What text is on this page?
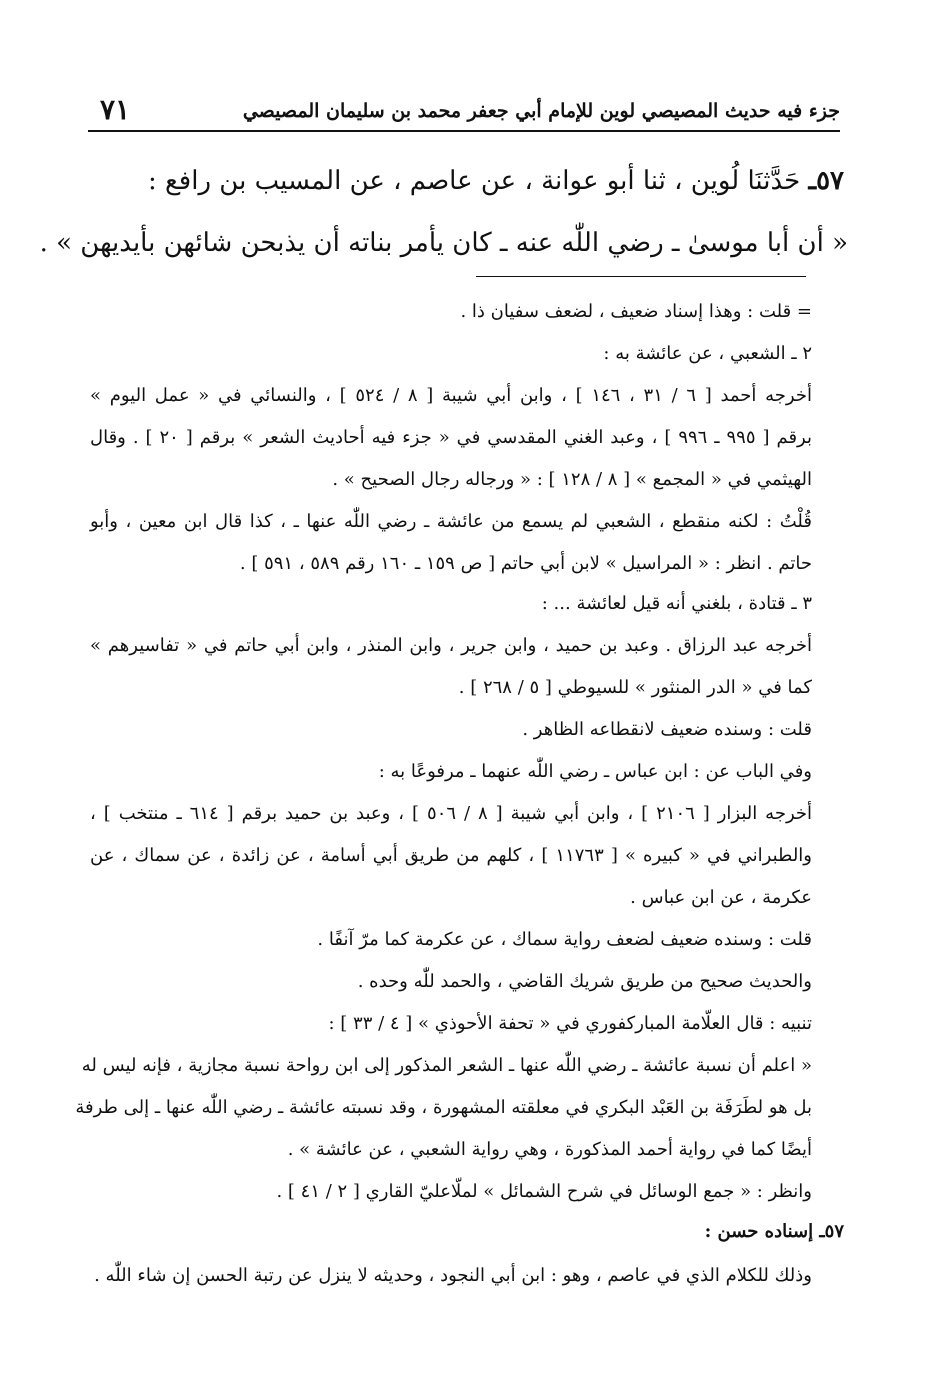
٧١	جزء فيه حديث المصيصي لوين للإمام أبي جعفر محمد بن سليمان المصيصي
٥٧ـ حَدَّثنَا لُوين ، ثنا أبو عوانة ، عن عاصم ، عن المسيب بن رافع :
« أن أبا موسىٰ ـ رضي اللّٰه عنه ـ كان يأمر بناته أن يذبحن شائهن بأيديهن » .
= قلت : وهذا إسناد ضعيف ، لضعف سفيان ذا .
٢ ـ الشعبي ، عن عائشة به :
أخرجه أحمد [ ٦ / ٣١ ، ١٤٦ ] ، وابن أبي شيبة [ ٨ / ٥٢٤ ] ، والنسائي في « عمل اليوم »
برقم [ ٩٩٥ ـ ٩٩٦ ] ، وعبد الغني المقدسي في « جزء فيه أحاديث الشعر » برقم [ ٢٠ ] . وقال
الهيثمي في « المجمع » [ ٨ / ١٢٨ ] : « ورجاله رجال الصحيح » .
قُلْتُ : لكنه منقطع ، الشعبي لم يسمع من عائشة ـ رضي اللّٰه عنها ـ ، كذا قال ابن معين ، وأبو
حاتم . انظر : « المراسيل » لابن أبي حاتم [ ص ١٥٩ ـ ١٦٠ رقم ٥٨٩ ، ٥٩١ ] .
٣ ـ قتادة ، بلغني أنه قيل لعائشة ... :
أخرجه عبد الرزاق . وعبد بن حميد ، وابن جرير ، وابن المنذر ، وابن أبي حاتم في « تفاسيرهم »
كما في « الدر المنثور » للسيوطي [ ٥ / ٢٦٨ ] .
قلت : وسنده ضعيف لانقطاعه الظاهر .
وفي الباب عن : ابن عباس ـ رضي اللّٰه عنهما ـ مرفوعًا به :
أخرجه البزار [ ٢١٠٦ ] ، وابن أبي شيبة [ ٨ / ٥٠٦ ] ، وعبد بن حميد برقم [ ٦١٤ ـ منتخب ] ،
والطبراني في « كبيره » [ ١١٧٦٣ ] ، كلهم من طريق أبي أسامة ، عن زائدة ، عن سماك ، عن
عكرمة ، عن ابن عباس .
قلت : وسنده ضعيف لضعف رواية سماك ، عن عكرمة كما مرّ آنفًا .
والحديث صحيح من طريق شريك القاضي ، والحمد للّٰه وحده .
تنبيه : قال العلّامة المباركفوري في « تحفة الأحوذي » [ ٤ / ٣٣ ] :
« اعلم أن نسبة عائشة ـ رضي اللّٰه عنها ـ الشعر المذكور إلى ابن رواحة نسبة مجازية ، فإنه ليس له
بل هو لطَرَفَة بن العَبْد البكري في معلقته المشهورة ، وقد نسبته عائشة ـ رضي اللّٰه عنها ـ إلى طرفة
أيضًا كما في رواية أحمد المذكورة ، وهي رواية الشعبي ، عن عائشة » .
وانظر : « جمع الوسائل في شرح الشمائل » لملّاعليّ القاري [ ٢ / ٤١ ] .
٥٧ـ إسناده حسن :
وذلك للكلام الذي في عاصم ، وهو : ابن أبي النجود ، وحديثه لا ينزل عن رتبة الحسن إن شاء اللّٰه .
